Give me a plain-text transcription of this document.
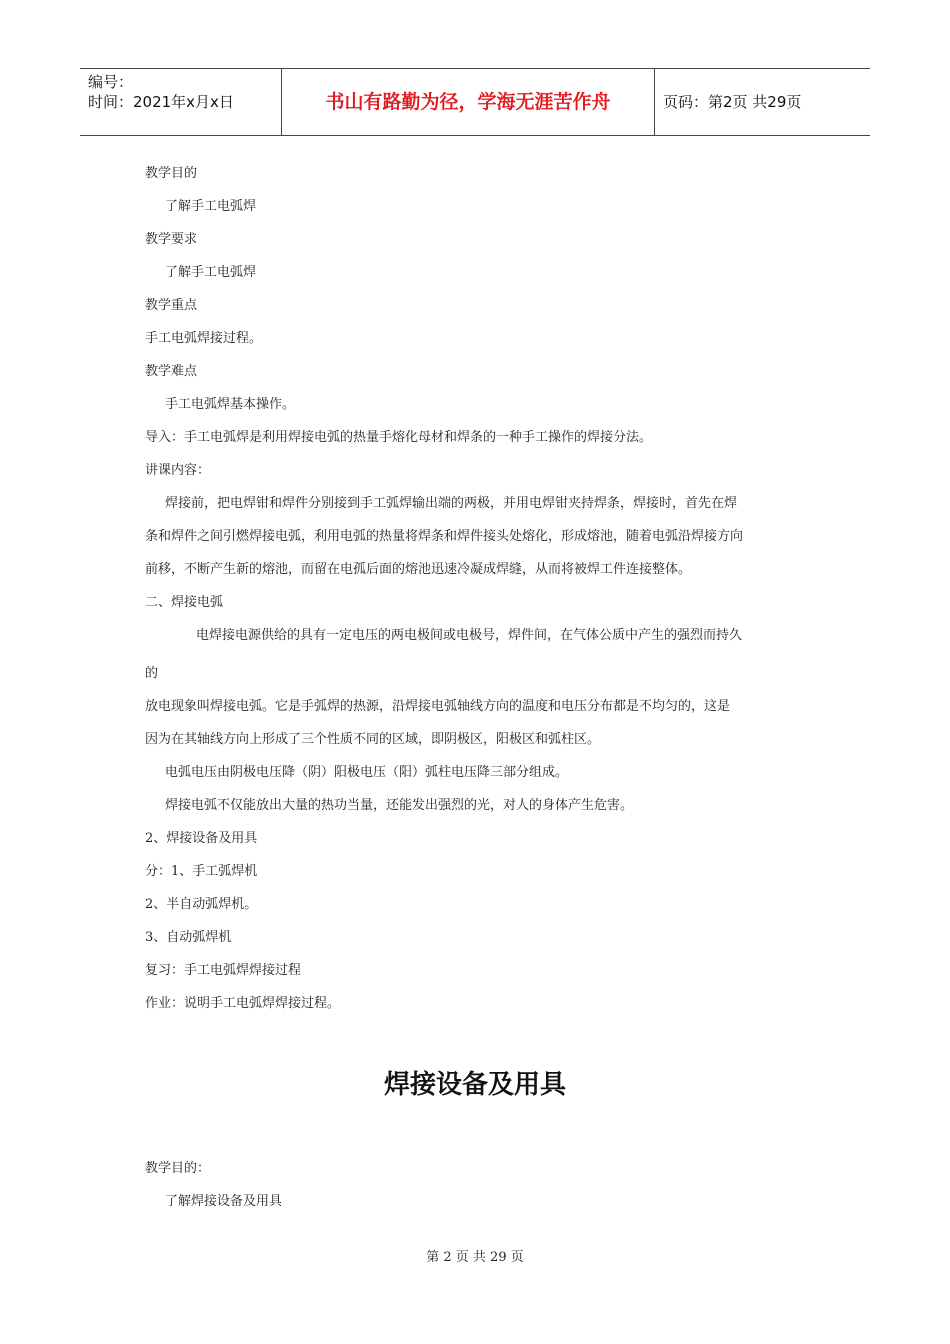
编号：
时间：2021年x月x日	书山有路勤为径，学海无涯苦作舟	页码：第2页 共29页
教学目的
了解手工电弧焊
教学要求
了解手工电弧焊
教学重点
手工电弧焊接过程。
教学难点
手工电弧焊基本操作。
导入：手工电弧焊是利用焊接电弧的热量手熔化母材和焊条的一种手工操作的焊接分法。
讲课内容：
焊接前，把电焊钳和焊件分别接到手工弧焊输出端的两极，并用电焊钳夹持焊条，焊接时，首先在焊
条和焊件之间引燃焊接电弧，利用电弧的热量将焊条和焊件接头处熔化，形成熔池，随着电弧沿焊接方向
前移，不断产生新的熔池，而留在电孤后面的熔池迅速冷凝成焊缝，从而将被焊工件连接整体。
二、焊接电弧
电焊接电源供给的具有一定电压的两电极间或电极号，焊件间，在气体公质中产生的强烈而持久
的
放电现象叫焊接电弧。它是手弧焊的热源，沿焊接电弧轴线方向的温度和电压分布都是不均匀的，这是
因为在其轴线方向上形成了三个性质不同的区域，即阴极区，阳极区和弧柱区。
电弧电压由阴极电压降（阴）阳极电压（阳）弧柱电压降三部分组成。
焊接电弧不仅能放出大量的热功当量，还能发出强烈的光，对人的身体产生危害。
2、焊接设备及用具
分：1、手工弧焊机
2、半自动弧焊机。
3、自动弧焊机
复习：手工电弧焊焊接过程
作业：说明手工电弧焊焊接过程。
焊接设备及用具
教学目的：
了解焊接设备及用具
第 2 页 共 29 页
